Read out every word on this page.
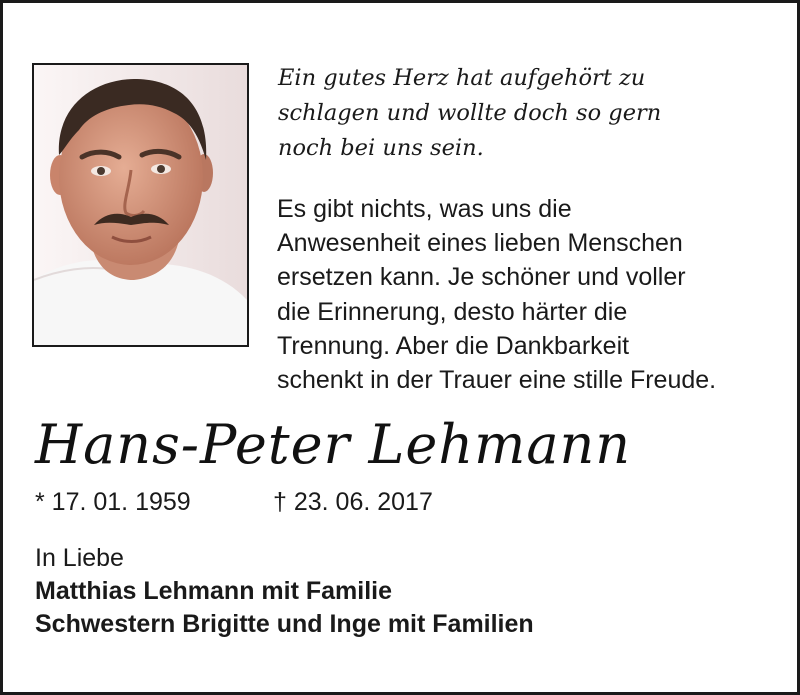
Ein gutes Herz hat aufgehört zu
schlagen und wollte doch so gern
noch bei uns sein.
Es gibt nichts, was uns die
Anwesenheit eines lieben Menschen
ersetzen kann. Je schöner und voller
die Erinnerung, desto härter die
Trennung. Aber die Dankbarkeit
schenkt in der Trauer eine stille Freude.
Hans-Peter Lehmann
* 17. 01. 1959	† 23. 06. 2017
In Liebe
Matthias Lehmann mit Familie
Schwestern Brigitte und Inge mit Familien
